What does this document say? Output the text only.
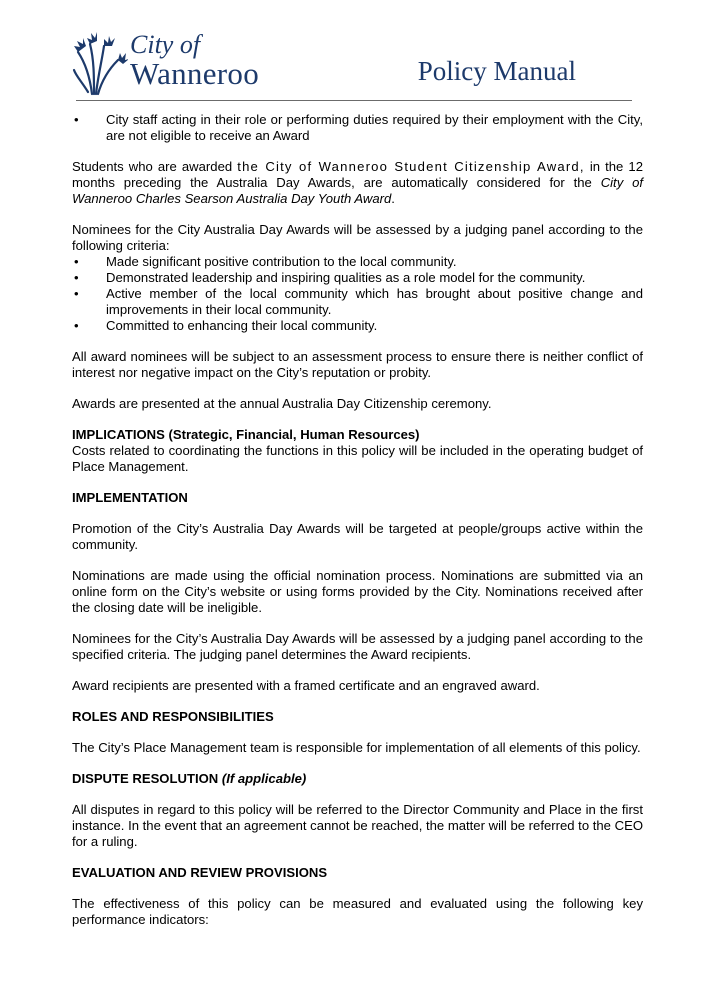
City of
Wanneroo	Policy Manual
•	City staff acting in their role or performing duties required by their employment with the City, are not eligible to receive an Award

Students who are awarded the City of Wanneroo Student Citizenship Award, in the 12 months preceding the Australia Day Awards, are automatically considered for the City of Wanneroo Charles Searson Australia Day Youth Award.

Nominees for the City Australia Day Awards will be assessed by a judging panel according to the following criteria:

•	Made significant positive contribution to the local community.
•	Demonstrated leadership and inspiring qualities as a role model for the community.
•	Active member of the local community which has brought about positive change and improvements in their local community.
•	Committed to enhancing their local community.

All award nominees will be subject to an assessment process to ensure there is neither conflict of interest nor negative impact on the City’s reputation or probity.

Awards are presented at the annual Australia Day Citizenship ceremony.

IMPLICATIONS (Strategic, Financial, Human Resources)

Costs related to coordinating the functions in this policy will be included in the operating budget of Place Management.

IMPLEMENTATION

Promotion of the City’s Australia Day Awards will be targeted at people/groups active within the community.

Nominations are made using the official nomination process. Nominations are submitted via an online form on the City’s website or using forms provided by the City. Nominations received after the closing date will be ineligible.

Nominees for the City’s Australia Day Awards will be assessed by a judging panel according to the specified criteria. The judging panel determines the Award recipients.

Award recipients are presented with a framed certificate and an engraved award.

ROLES AND RESPONSIBILITIES

The City’s Place Management team is responsible for implementation of all elements of this policy.

DISPUTE RESOLUTION (If applicable)

All disputes in regard to this policy will be referred to the Director Community and Place in the first instance. In the event that an agreement cannot be reached, the matter will be referred to the CEO for a ruling.

EVALUATION AND REVIEW PROVISIONS

The effectiveness of this policy can be measured and evaluated using the following key performance indicators:
